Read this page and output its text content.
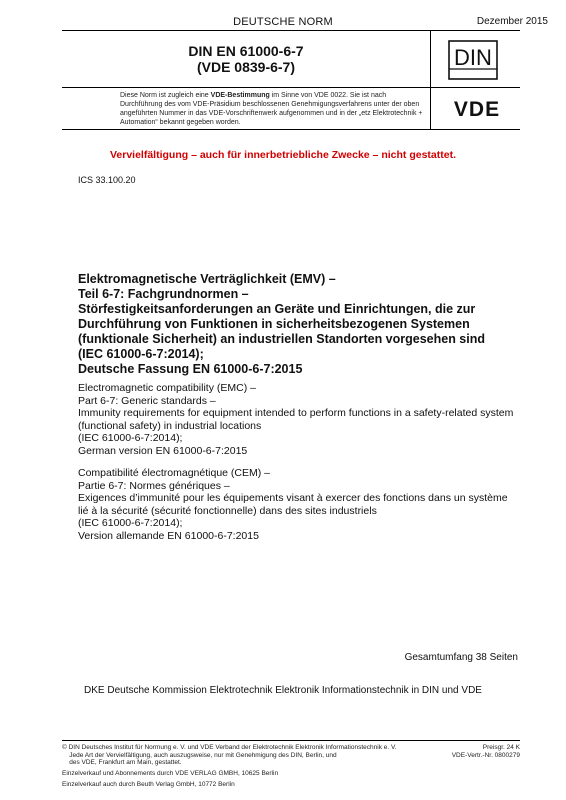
DEUTSCHE NORM	Dezember 2015
DIN EN 61000-6-7
(VDE 0839-6-7)
Diese Norm ist zugleich eine VDE-Bestimmung im Sinne von VDE 0022. Sie ist nach Durchführung des vom VDE-Präsidium beschlossenen Genehmigungsverfahrens unter der oben angeführten Nummer in das VDE-Vorschriftenwerk aufgenommen und in der „etz Elektrotechnik + Automation“ bekannt gegeben worden.
DIN
VDE
Vervielfältigung – auch für innerbetriebliche Zwecke – nicht gestattet.
ICS 33.100.20
Elektromagnetische Verträglichkeit (EMV) –
Teil 6-7: Fachgrundnormen –
Störfestigkeitsanforderungen an Geräte und Einrichtungen, die zur
Durchführung von Funktionen in sicherheitsbezogenen Systemen
(funktionale Sicherheit) an industriellen Standorten vorgesehen sind
(IEC 61000-6-7:2014);
Deutsche Fassung EN 61000-6-7:2015
Electromagnetic compatibility (EMC) –
Part 6-7: Generic standards –
Immunity requirements for equipment intended to perform functions in a safety-related system
(functional safety) in industrial locations
(IEC 61000-6-7:2014);
German version EN 61000-6-7:2015
Compatibilité électromagnétique (CEM) –
Partie 6-7: Normes génériques –
Exigences d’immunité pour les équipements visant à exercer des fonctions dans un système
lié à la sécurité (sécurité fonctionnelle) dans des sites industriels
(IEC 61000-6-7:2014);
Version allemande EN 61000-6-7:2015
Gesamtumfang 38 Seiten
DKE Deutsche Kommission Elektrotechnik Elektronik Informationstechnik in DIN und VDE
© DIN Deutsches Institut für Normung e. V. und VDE Verband der Elektrotechnik Elektronik Informationstechnik e. V.
Jede Art der Vervielfältigung, auch auszugsweise, nur mit Genehmigung des DIN, Berlin, und
des VDE, Frankfurt am Main, gestattet.
Preisgr. 24 K
VDE-Vertr.-Nr. 0800279
Einzelverkauf und Abonnements durch VDE VERLAG GMBH, 10625 Berlin
Einzelverkauf auch durch Beuth Verlag GmbH, 10772 Berlin
